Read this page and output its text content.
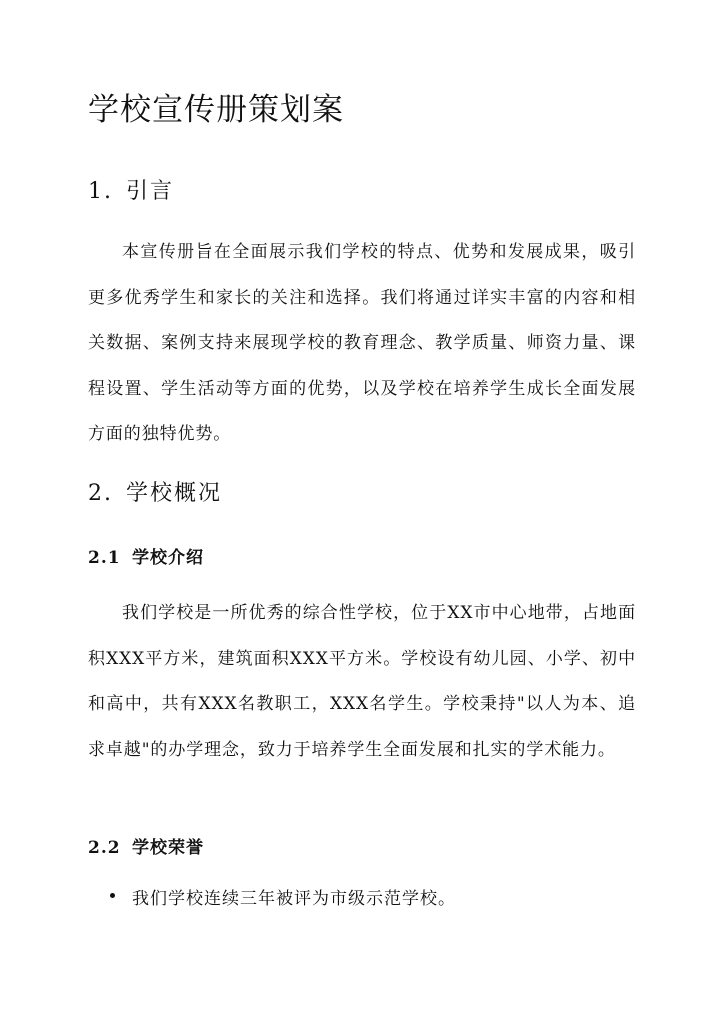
学校宣传册策划案
1. 引言

本宣传册旨在全面展示我们学校的特点、优势和发展成果，吸引更多优秀学生和家长的关注和选择。我们将通过详实丰富的内容和相关数据、案例支持来展现学校的教育理念、教学质量、师资力量、课程设置、学生活动等方面的优势，以及学校在培养学生成长全面发展方面的独特优势。

2. 学校概况
2.1 学校介绍

我们学校是一所优秀的综合性学校，位于XX市中心地带，占地面积XXX平方米，建筑面积XXX平方米。学校设有幼儿园、小学、初中和高中，共有XXX名教职工，XXX名学生。学校秉持"以人为本、追求卓越"的办学理念，致力于培养学生全面发展和扎实的学术能力。

2.2 学校荣誉
我们学校连续三年被评为市级示范学校。
